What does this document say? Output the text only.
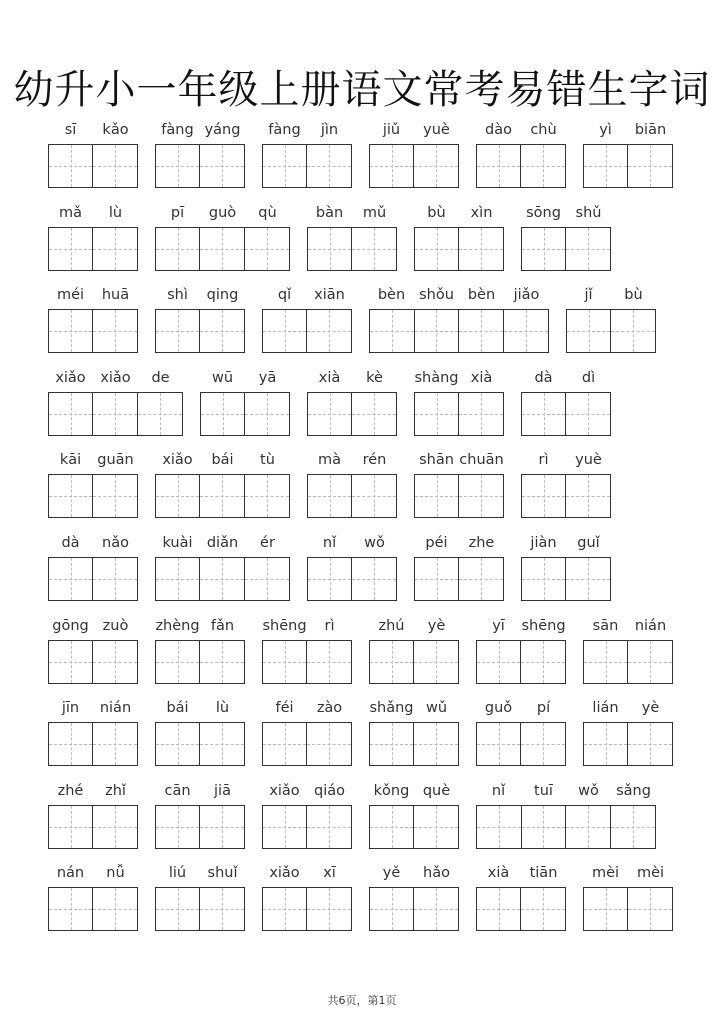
幼升小一年级上册语文常考易错生字词
sī	kǎo	fàng yáng	fàng	jìn	jiǔ	yuè	dào	chù	yì	biān
mǎ	lù	pī	guò	qù	bàn	mǔ	bù	xìn	sōng	shǔ
méi	huā	shì	qing	qǐ	xiān	bèn shǒu bèn	jiǎo	jǐ	bù
xiǎo	xiǎo	de	wū	yā	xià	kè	shàng xià	dà	dì
kāi	guān	xiǎo	bái	tù	mà	rén	shān chuān	rì	yuè
dà	nǎo	kuài diǎn	ér	nǐ	wǒ	péi	zhe	jiàn	guǐ
gōng zuò	zhèng fǎn	shēng	rì	zhú	yè	yī	shēng	sān	nián
jīn	nián	bái	lù	féi	zào	shǎng wǔ	guǒ	pí	lián	yè
zhé	zhǐ	cān	jiā	xiǎo qiáo	kǒng què	nǐ	tuī	wǒ	sǎng
nán	nǚ	liú	shuǐ	xiǎo	xī	yě	hǎo	xià	tiān	mèi	mèi
共6页，第1页
